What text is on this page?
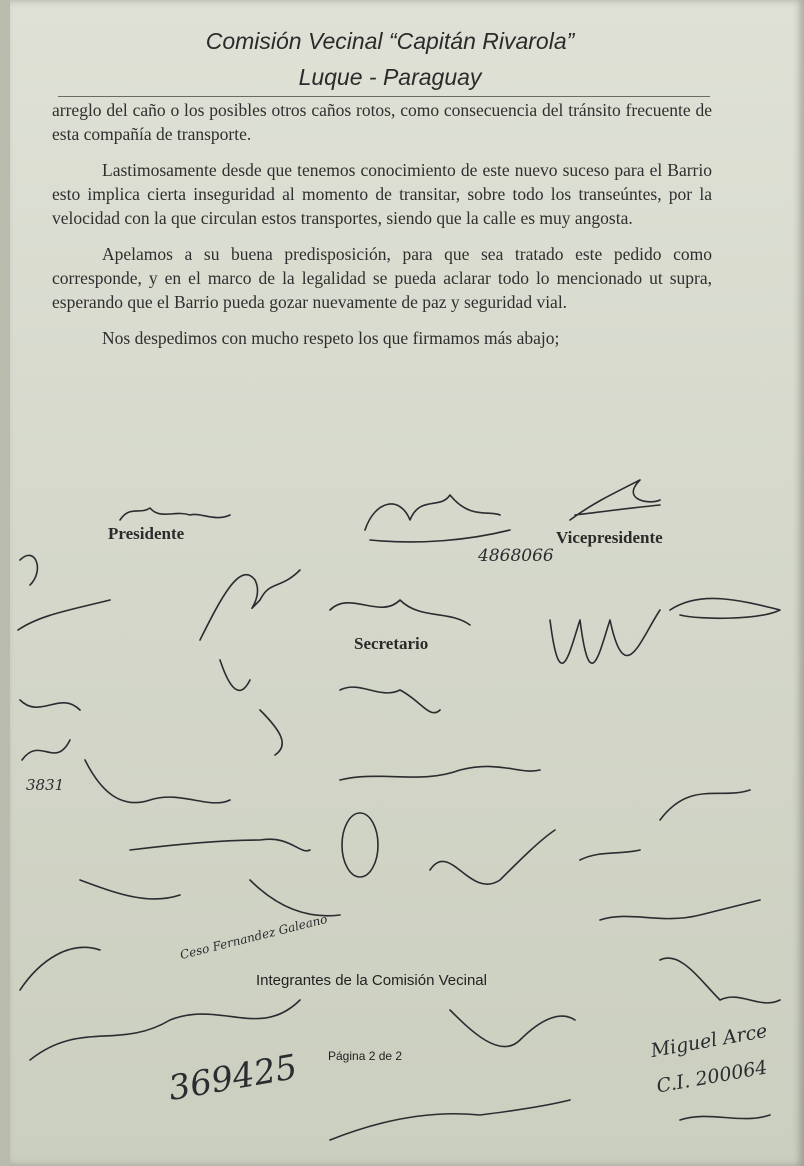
Comisión Vecinal “Capitán Rivarola”
Luque - Paraguay

arreglo del caño o los posibles otros caños rotos, como consecuencia del tránsito frecuente de esta compañía de transporte.

Lastimosamente desde que tenemos conocimiento de este nuevo suceso para el Barrio esto implica cierta inseguridad al momento de transitar, sobre todo los transeúntes, por la velocidad con la que circulan estos transportes, siendo que la calle es muy angosta.

Apelamos a su buena predisposición, para que sea tratado este pedido como corresponde, y en el marco de la legalidad se pueda aclarar todo lo mencionado ut supra, esperando que el Barrio pueda gozar nuevamente de paz y seguridad vial.

Nos despedimos con mucho respeto los que firmamos más abajo;

Presidente	Vicepresidente
Secretario
Integrantes de la Comisión Vecinal
Página 2 de 2
4868066
3831
369425	C.I. 200064
Ceso Fernandez Galeano
Miguel Arce
